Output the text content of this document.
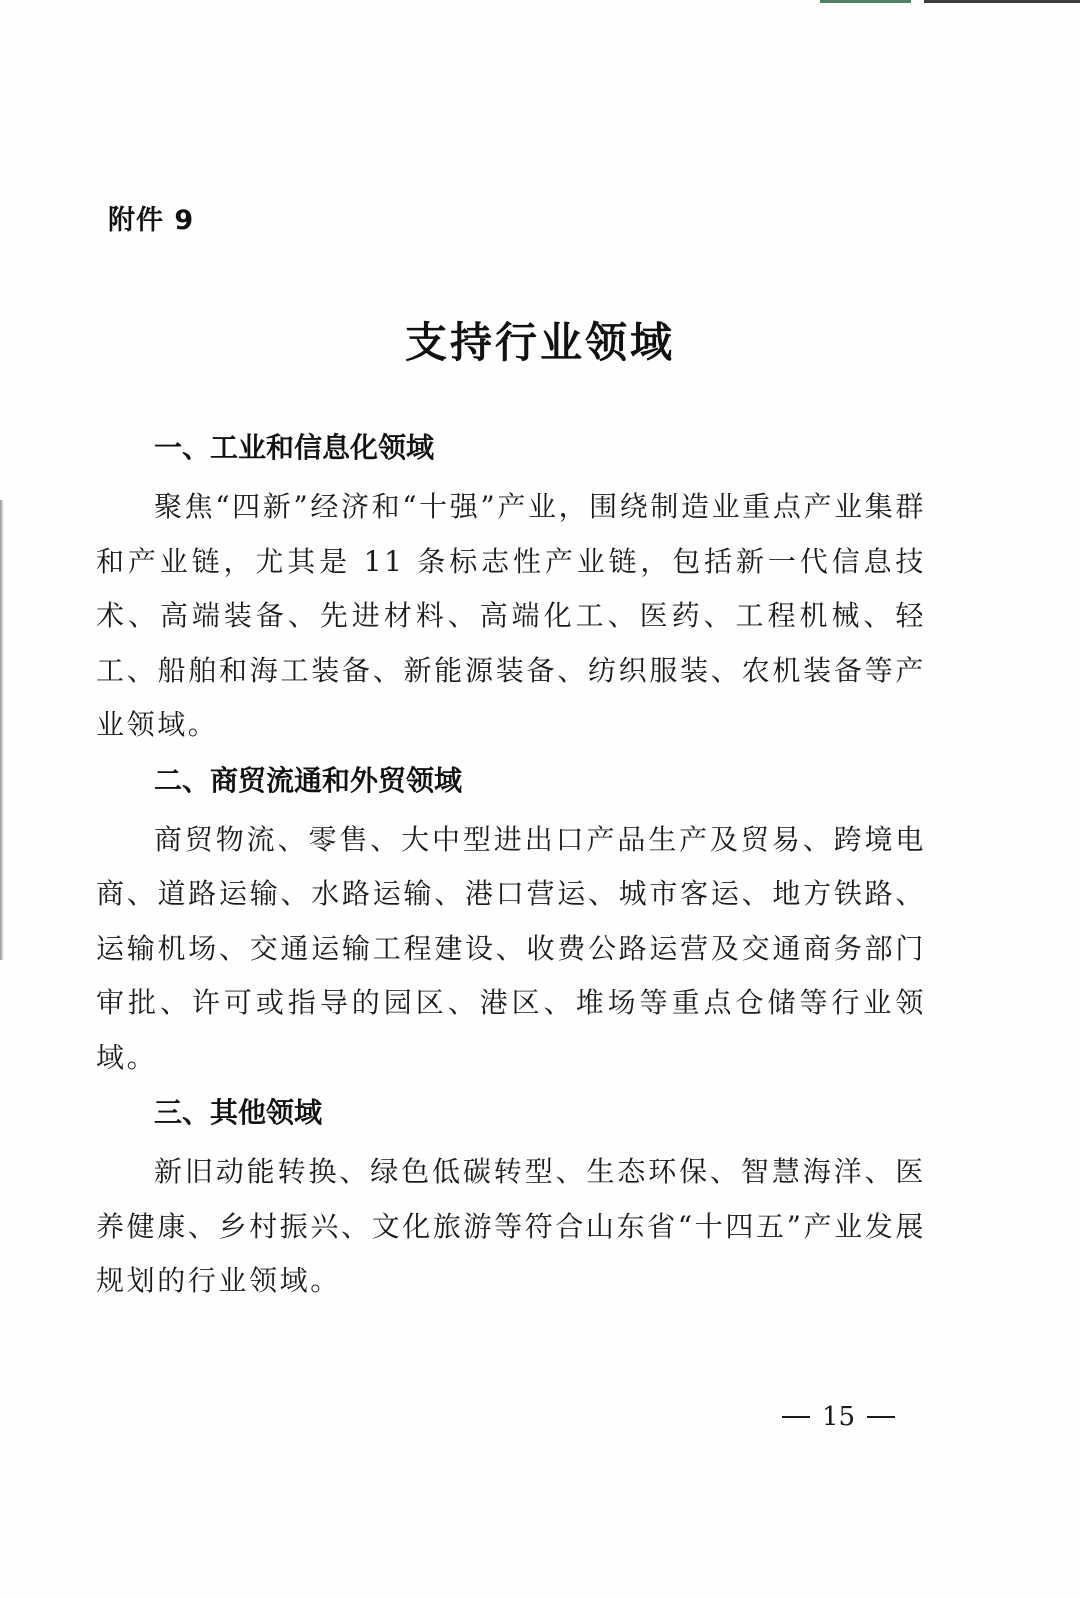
附件 9
支持行业领域
一、工业和信息化领域
聚焦“四新”经济和“十强”产业，围绕制造业重点产业集群和产业链，尤其是 11 条标志性产业链，包括新一代信息技术、高端装备、先进材料、高端化工、医药、工程机械、轻工、船舶和海工装备、新能源装备、纺织服装、农机装备等产业领域。
二、商贸流通和外贸领域
商贸物流、零售、大中型进出口产品生产及贸易、跨境电商、道路运输、水路运输、港口营运、城市客运、地方铁路、运输机场、交通运输工程建设、收费公路运营及交通商务部门审批、许可或指导的园区、港区、堆场等重点仓储等行业领域。
三、其他领域
新旧动能转换、绿色低碳转型、生态环保、智慧海洋、医养健康、乡村振兴、文化旅游等符合山东省“十四五”产业发展规划的行业领域。
15
